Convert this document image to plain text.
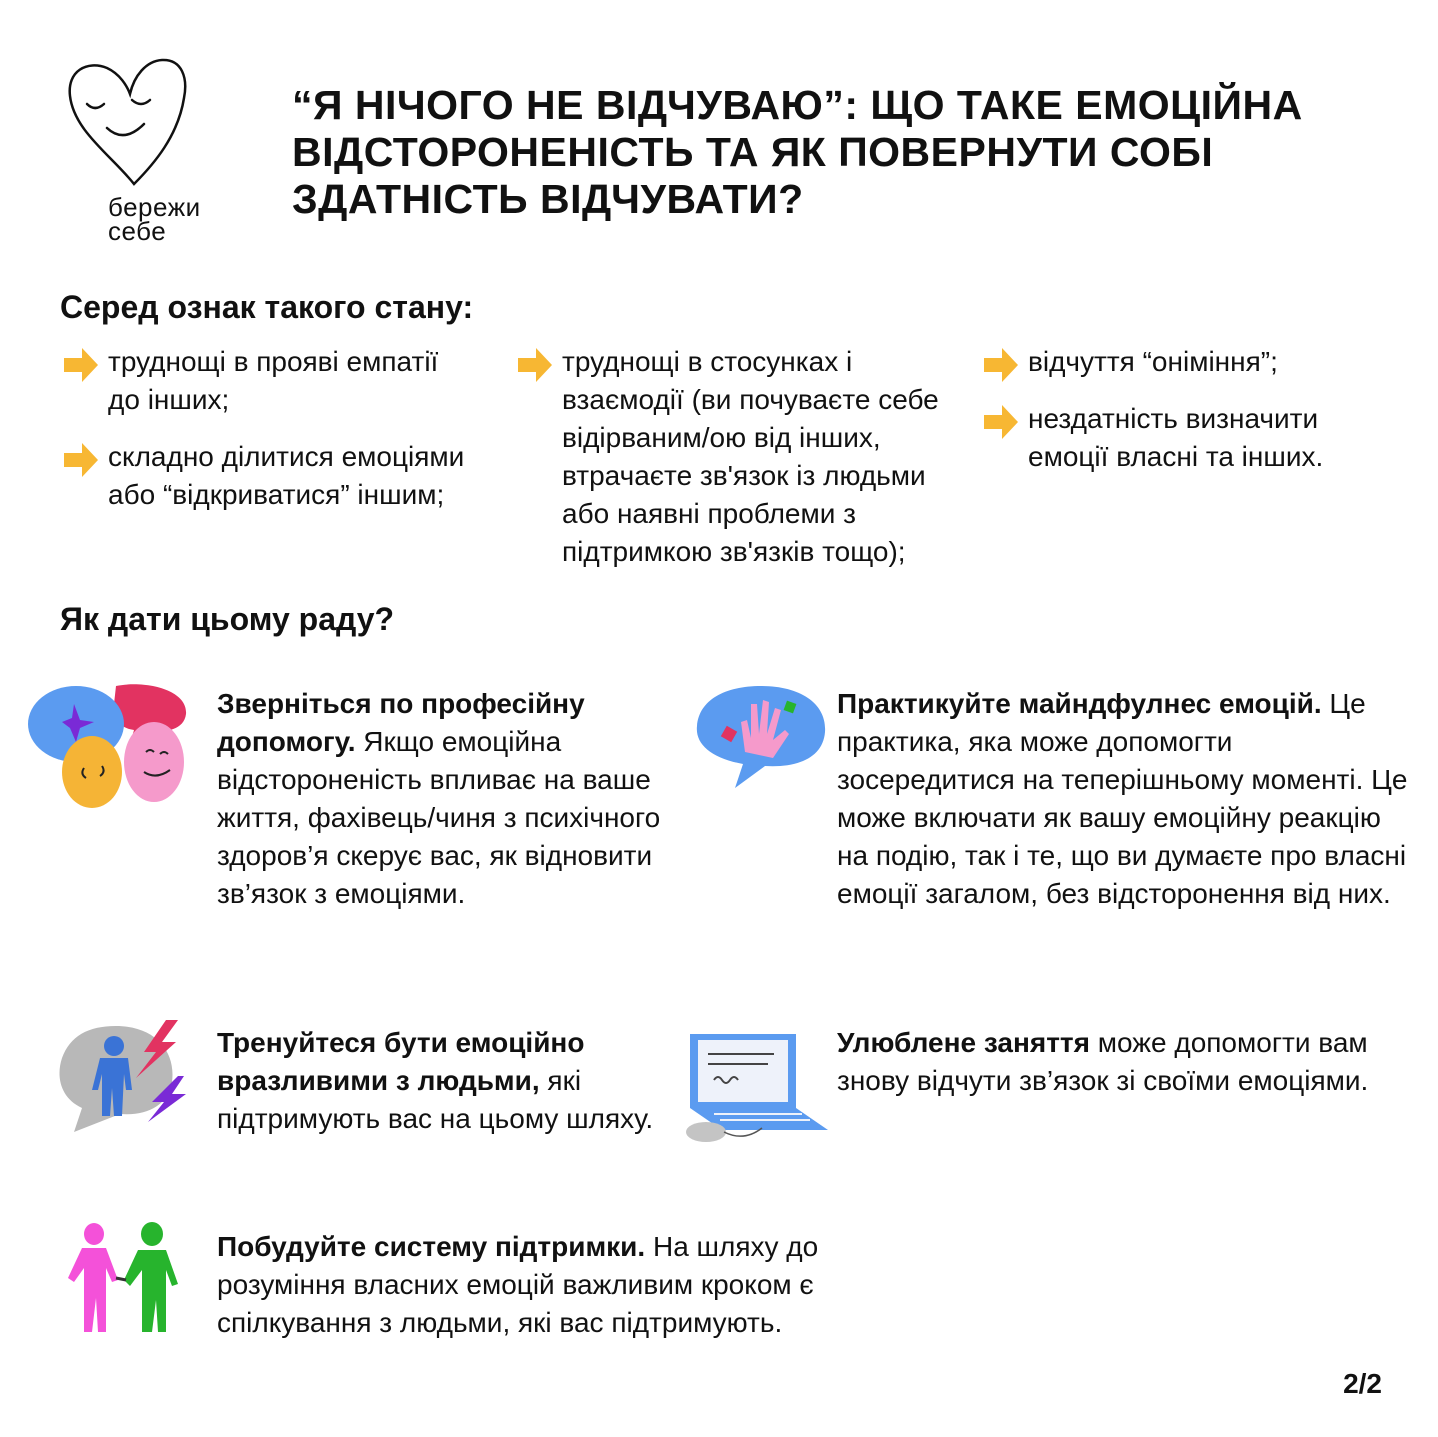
бережи
себе
“Я НІЧОГО НЕ ВІДЧУВАЮ”: ЩО ТАКЕ ЕМОЦІЙНА ВІДСТОРОНЕНІСТЬ ТА ЯК ПОВЕРНУТИ СОБІ ЗДАТНІСТЬ ВІДЧУВАТИ?
Серед ознак такого стану:
труднощі в прояві емпатії до інших;
складно ділитися емоціями або “відкриватися” іншим;
труднощі в стосунках і взаємодії (ви почуваєте себе відірваним/ою від інших, втрачаєте зв'язок із людьми або наявні проблеми з підтримкою зв'язків тощо);
відчуття “оніміння”;
нездатність визначити емоції власні та інших.
Як дати цьому раду?
Зверніться по професійну допомогу. Якщо емоційна відстороненість впливає на ваше життя, фахівець/чиня з психічного здоров’я скерує вас, як відновити зв’язок з емоціями.
Практикуйте майндфулнес емоцій. Це практика, яка може допомогти зосередитися на теперішньому моменті. Це може включати як вашу емоційну реакцію на подію, так і те, що ви думаєте про власні емоції загалом, без відсторонення від них.
Тренуйтеся бути емоційно вразливими з людьми, які підтримують вас на цьому шляху.
Улюблене заняття може допомогти вам знову відчути зв’язок зі своїми емоціями.
Побудуйте систему підтримки. На шляху до розуміння власних емоцій важливим кроком є спілкування з людьми, які вас підтримують.
2/2
